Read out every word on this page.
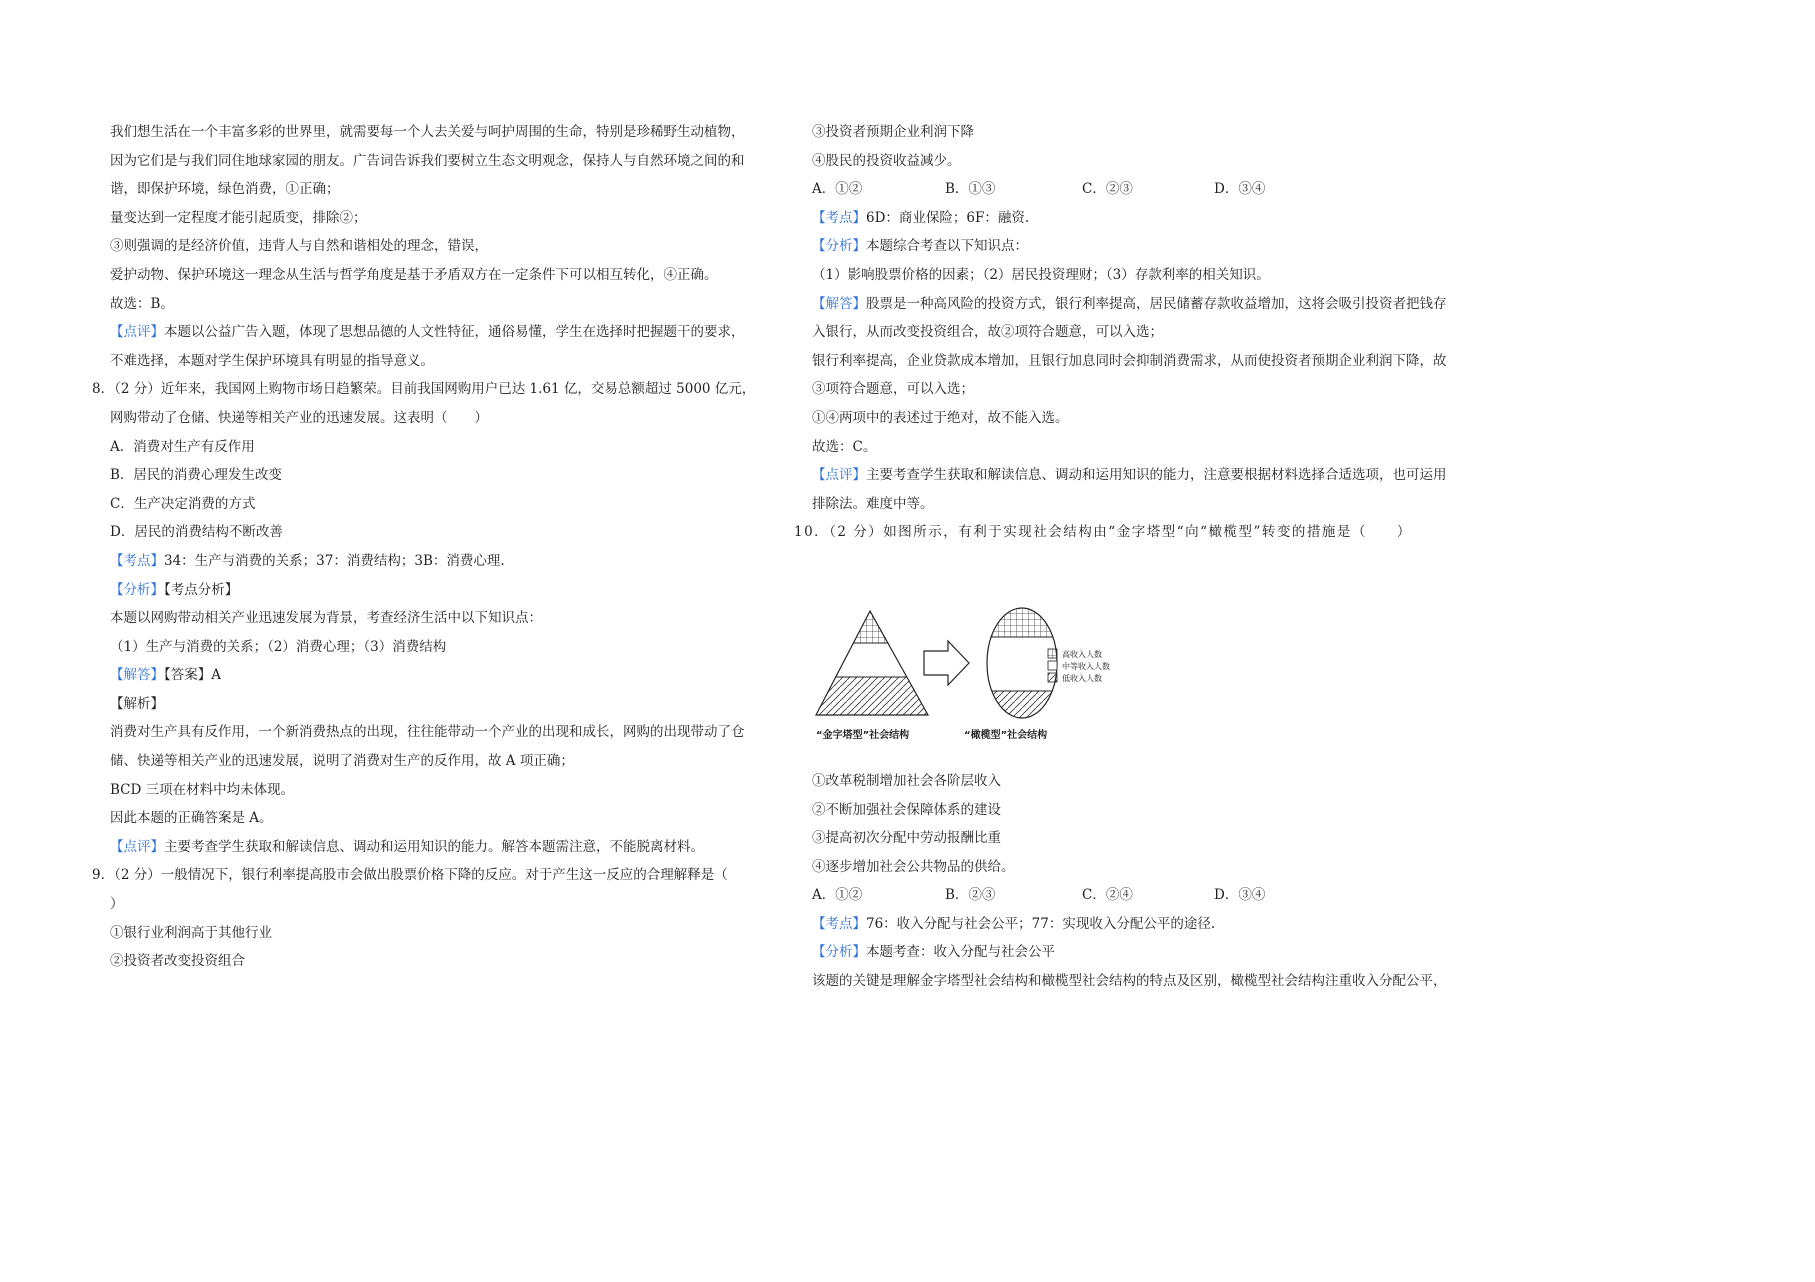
我们想生活在一个丰富多彩的世界里，就需要每一个人去关爱与呵护周围的生命，特别是珍稀野生动植物，
因为它们是与我们同住地球家园的朋友。广告词告诉我们要树立生态文明观念，保持人与自然环境之间的和
谐，即保护环境，绿色消费，①正确；
量变达到一定程度才能引起质变，排除②；
③则强调的是经济价值，违背人与自然和谐相处的理念，错误，
爱护动物、保护环境这一理念从生活与哲学角度是基于矛盾双方在一定条件下可以相互转化，④正确。
故选：B。
【点评】本题以公益广告入题，体现了思想品德的人文性特征，通俗易懂，学生在选择时把握题干的要求，
不难选择，本题对学生保护环境具有明显的指导意义。
8．（2 分）近年来，我国网上购物市场日趋繁荣。目前我国网购用户已达 1.61 亿，交易总额超过 5000 亿元，
网购带动了仓储、快递等相关产业的迅速发展。这表明（　　）
A．消费对生产有反作用
B．居民的消费心理发生改变
C．生产决定消费的方式
D．居民的消费结构不断改善
【考点】34：生产与消费的关系；37：消费结构；3B：消费心理.
【分析】【考点分析】
本题以网购带动相关产业迅速发展为背景，考查经济生活中以下知识点：
（1）生产与消费的关系；（2）消费心理；（3）消费结构
【解答】【答案】A
【解析】
消费对生产具有反作用，一个新消费热点的出现，往往能带动一个产业的出现和成长，网购的出现带动了仓
储、快递等相关产业的迅速发展，说明了消费对生产的反作用，故 A 项正确；
BCD 三项在材料中均未体现。
因此本题的正确答案是 A。
【点评】主要考查学生获取和解读信息、调动和运用知识的能力。解答本题需注意，不能脱离材料。
9．（2 分）一般情况下，银行利率提高股市会做出股票价格下降的反应。对于产生这一反应的合理解释是（
）
①银行业利润高于其他行业
②投资者改变投资组合
③投资者预期企业利润下降
④股民的投资收益减少。
A．①②	B．①③	C．②③	D．③④
【考点】6D：商业保险；6F：融资.
【分析】本题综合考查以下知识点：
（1）影响股票价格的因素；（2）居民投资理财；（3）存款利率的相关知识。
【解答】股票是一种高风险的投资方式，银行利率提高，居民储蓄存款收益增加，这将会吸引投资者把钱存
入银行，从而改变投资组合，故②项符合题意，可以入选；
银行利率提高，企业贷款成本增加，且银行加息同时会抑制消费需求，从而使投资者预期企业利润下降，故
③项符合题意，可以入选；
①④两项中的表述过于绝对，故不能入选。
故选：C。
【点评】主要考查学生获取和解读信息、调动和运用知识的能力，注意要根据材料选择合适选项，也可运用
排除法。难度中等。
10．（2 分）如图所示，有利于实现社会结构由“金字塔型“向“橄榄型”转变的措施是（　　）
高收入人数
中等收入人数
低收入人数
“金字塔型”社会结构	“橄榄型”社会结构
①改革税制增加社会各阶层收入
②不断加强社会保障体系的建设
③提高初次分配中劳动报酬比重
④逐步增加社会公共物品的供给。
A．①②	B．②③	C．②④	D．③④
【考点】76：收入分配与社会公平；77：实现收入分配公平的途径.
【分析】本题考查：收入分配与社会公平
该题的关键是理解金字塔型社会结构和橄榄型社会结构的特点及区别，橄榄型社会结构注重收入分配公平，
